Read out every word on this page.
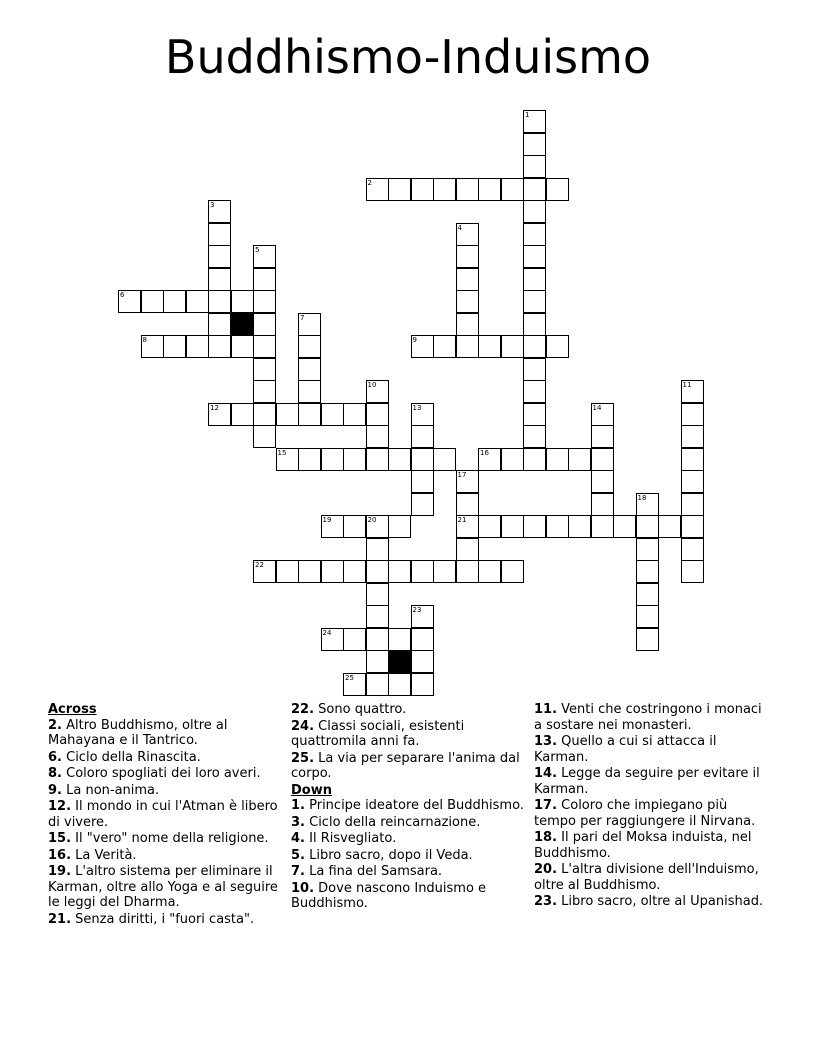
Buddhismo-Induismo
2
6
8	9
12
15	16
19	20	21
22
24
25
1
3
4
5
7
10	11
13	14
17
18
23
Across
2. Altro Buddhismo, oltre al Mahayana e il Tantrico.
6. Ciclo della Rinascita.
8. Coloro spogliati dei loro averi.
9. La non-anima.
12. Il mondo in cui l'Atman è libero di vivere.
15. Il "vero" nome della religione.
16. La Verità.
19. L'altro sistema per eliminare il Karman, oltre allo Yoga e al seguire le leggi del Dharma.
21. Senza diritti, i "fuori casta".
22. Sono quattro.
24. Classi sociali, esistenti quattromila anni fa.
25. La via per separare l'anima dal corpo.
Down
1. Principe ideatore del Buddhismo.
3. Ciclo della reincarnazione.
4. Il Risvegliato.
5. Libro sacro, dopo il Veda.
7. La fina del Samsara.
10. Dove nascono Induismo e Buddhismo.
11. Venti che costringono i monaci a sostare nei monasteri.
13. Quello a cui si attacca il Karman.
14. Legge da seguire per evitare il Karman.
17. Coloro che impiegano più tempo per raggiungere il Nirvana.
18. Il pari del Moksa induista, nel Buddhismo.
20. L'altra divisione dell'Induismo, oltre al Buddhismo.
23. Libro sacro, oltre al Upanishad.
